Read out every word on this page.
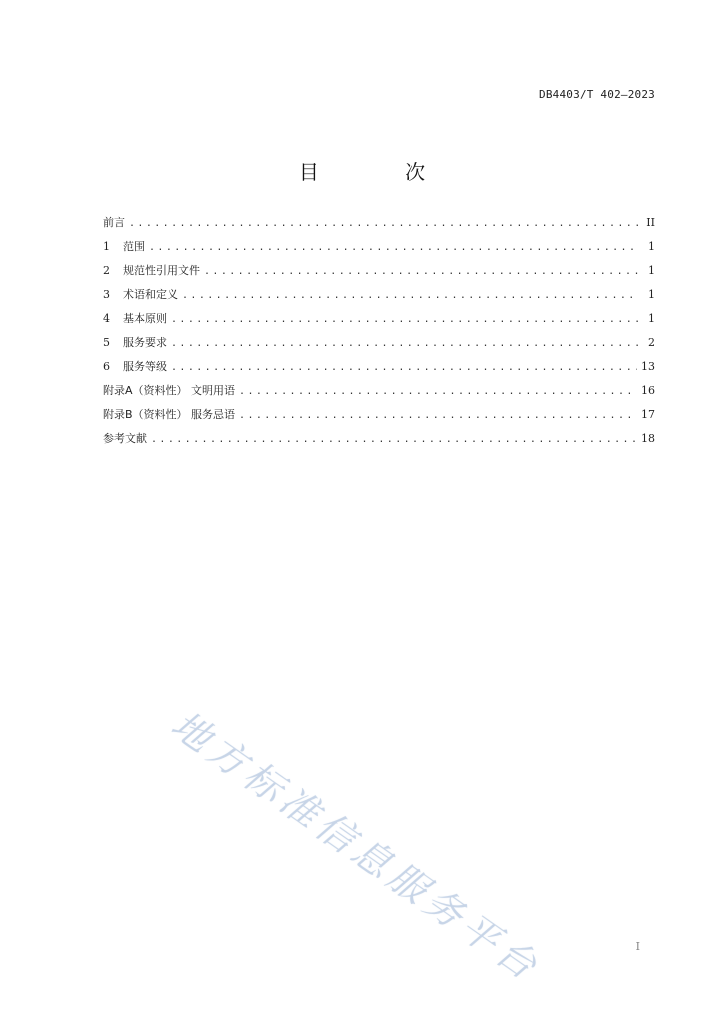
DB4403/T 402—2023
目 次
前言 .....	II
1	范围 .....	1
2	规范性引用文件 .....	1
3	术语和定义 .....	1
4	基本原则 .....	1
5	服务要求 .....	2
6	服务等级 .....	13
附录A（资料性） 文明用语 .....	16
附录B（资料性） 服务忌语 .....	17
参考文献 .....	18
地方标准信息服务平台	I
